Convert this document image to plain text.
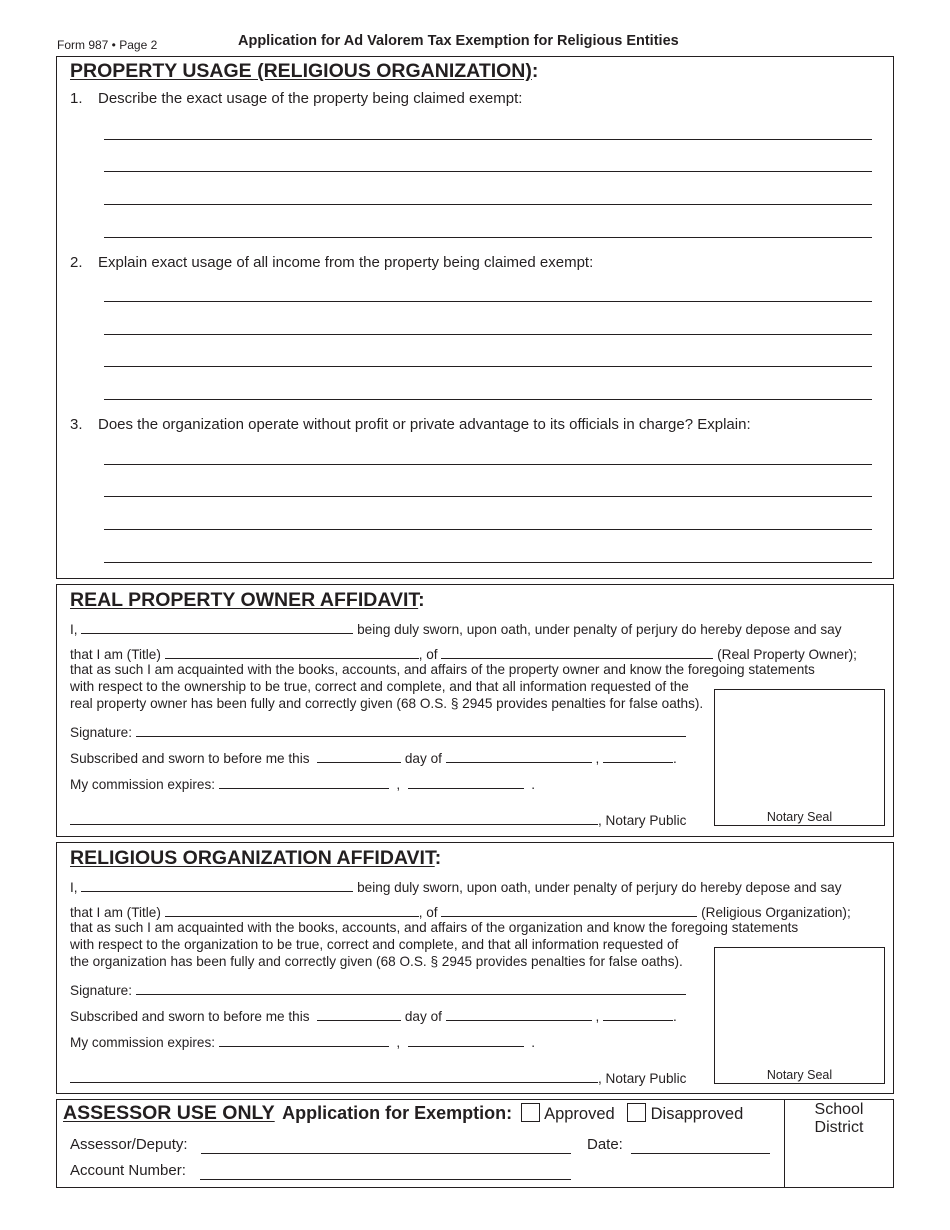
Form 987 • Page 2	Application for Ad Valorem Tax Exemption for Religious Entities
PROPERTY USAGE (RELIGIOUS ORGANIZATION):
1. Describe the exact usage of the property being claimed exempt:
2. Explain exact usage of all income from the property being claimed exempt:
3. Does the organization operate without profit or private advantage to its officials in charge? Explain:
REAL PROPERTY OWNER AFFIDAVIT:
I,	being duly sworn, upon oath, under penalty of perjury do hereby depose and say
that I am (Title)	, of	(Real Property Owner);
that as such I am acquainted with the books, accounts, and affairs of the property owner and know the foregoing statements
with respect to the ownership to be true, correct and complete, and that all information requested of the
real property owner has been fully and correctly given (68 O.S. § 2945 provides penalties for false oaths).
Signature:
Subscribed and sworn to before me this	day of	,	.
My commission expires:	,	.
, Notary Public	Notary Seal
RELIGIOUS ORGANIZATION AFFIDAVIT:
I,	being duly sworn, upon oath, under penalty of perjury do hereby depose and say
that I am (Title)	, of	(Religious Organization);
that as such I am acquainted with the books, accounts, and affairs of the organization and know the foregoing statements
with respect to the organization to be true, correct and complete, and that all information requested of
the organization has been fully and correctly given (68 O.S. § 2945 provides penalties for false oaths).
Signature:
Subscribed and sworn to before me this	day of	,	.
My commission expires:	,	.
, Notary Public	Notary Seal
ASSESSOR USE ONLY Application for Exemption: Approved Disapproved	School
District
Assessor/Deputy:	Date:
Account Number:
